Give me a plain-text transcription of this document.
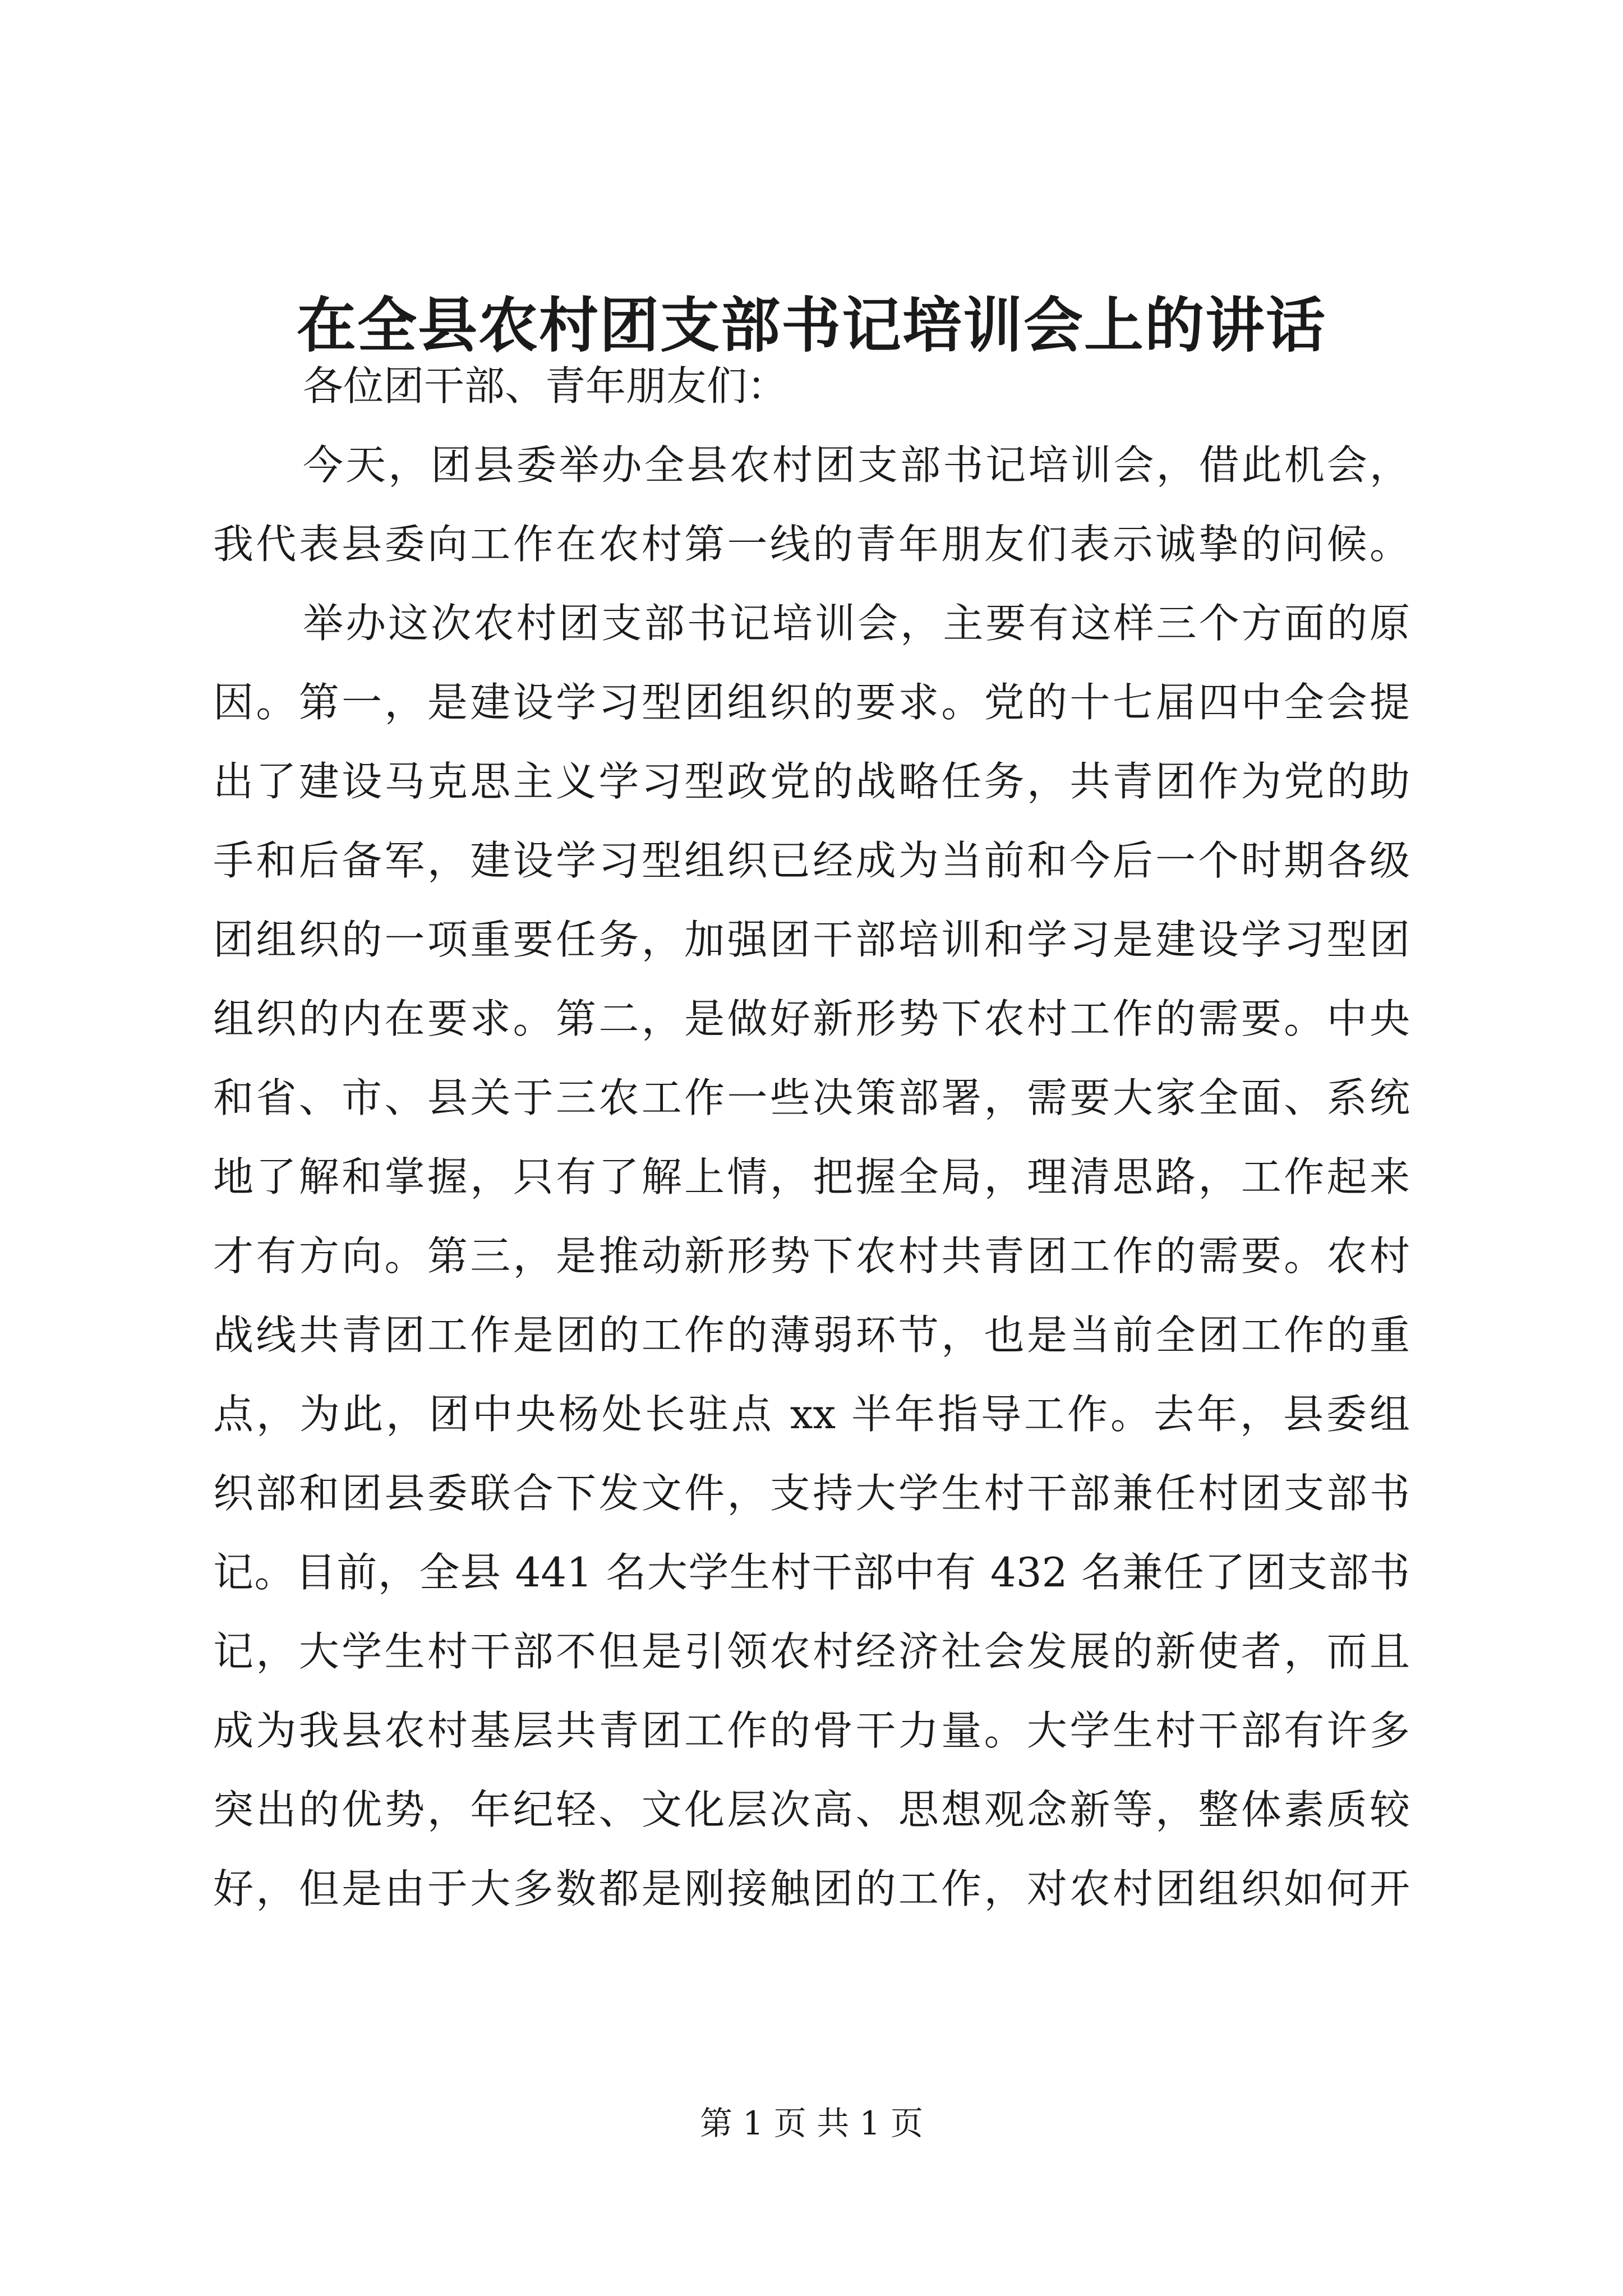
在全县农村团支部书记培训会上的讲话
各位团干部、青年朋友们：
今天，团县委举办全县农村团支部书记培训会，借此机会，
我代表县委向工作在农村第一线的青年朋友们表示诚挚的问候。
举办这次农村团支部书记培训会，主要有这样三个方面的原
因。第一，是建设学习型团组织的要求。党的十七届四中全会提
出了建设马克思主义学习型政党的战略任务，共青团作为党的助
手和后备军，建设学习型组织已经成为当前和今后一个时期各级
团组织的一项重要任务，加强团干部培训和学习是建设学习型团
组织的内在要求。第二，是做好新形势下农村工作的需要。中央
和省、市、县关于三农工作一些决策部署，需要大家全面、系统
地了解和掌握，只有了解上情，把握全局，理清思路，工作起来
才有方向。第三，是推动新形势下农村共青团工作的需要。农村
战线共青团工作是团的工作的薄弱环节，也是当前全团工作的重
点，为此，团中央杨处长驻点 xx 半年指导工作。去年，县委组
织部和团县委联合下发文件，支持大学生村干部兼任村团支部书
记。目前，全县 441 名大学生村干部中有 432 名兼任了团支部书
记，大学生村干部不但是引领农村经济社会发展的新使者，而且
成为我县农村基层共青团工作的骨干力量。大学生村干部有许多
突出的优势，年纪轻、文化层次高、思想观念新等，整体素质较
好，但是由于大多数都是刚接触团的工作，对农村团组织如何开
第 1 页 共 1 页
